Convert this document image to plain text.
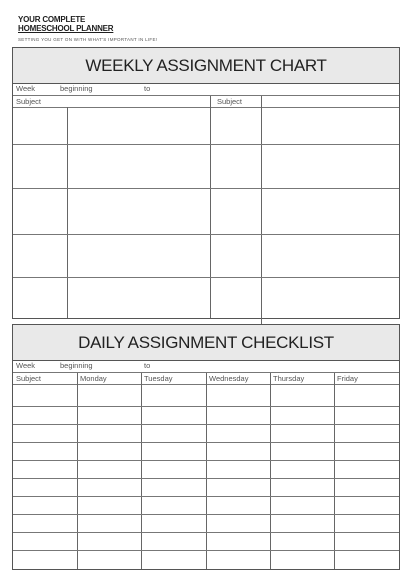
YOUR COMPLETE
HOMESCHOOL PLANNER
SETTING YOU GET ON WITH WHAT'S IMPORTANT IN LIFE!
WEEKLY ASSIGNMENT CHART
Week	beginning	to
Subject	Subject
DAILY ASSIGNMENT CHECKLIST
Week	beginning	to
Subject	Monday	Tuesday	Wednesday	Thursday	Friday
